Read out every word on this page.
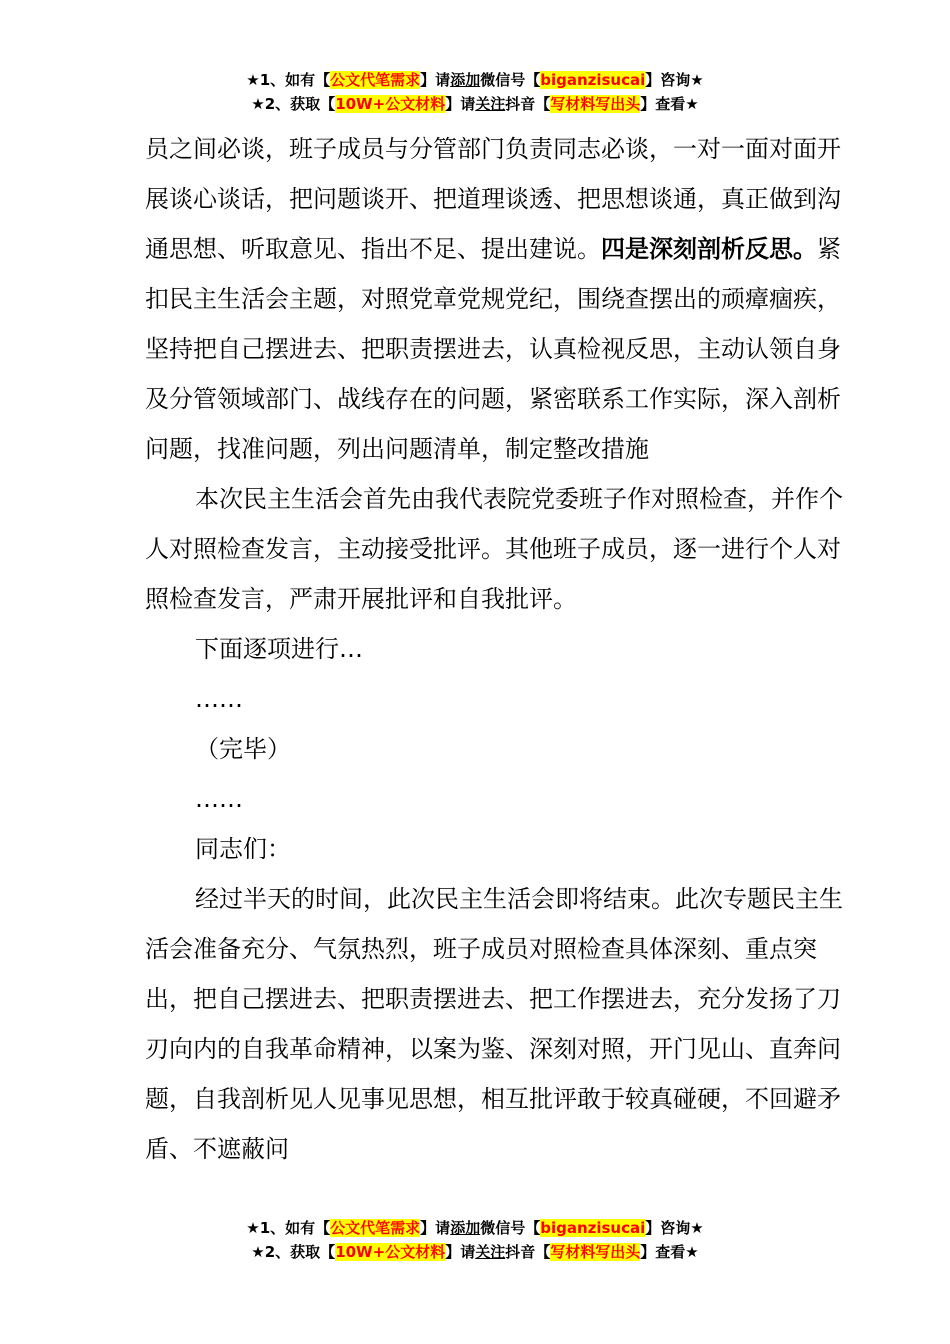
★1、如有【公文代笔需求】请添加微信号【biganzisucai】咨询★
★2、获取【10W+公文材料】请关注抖音【写材料写出头】查看★

员之间必谈，班子成员与分管部门负责同志必谈，一对一面对面开展谈心谈话，把问题谈开、把道理谈透、把思想谈通，真正做到沟通思想、听取意见、指出不足、提出建说。四是深刻剖析反思。紧扣民主生活会主题，对照党章党规党纪，围绕查摆出的顽瘴痼疾，坚持把自己摆进去、把职责摆进去，认真检视反思，主动认领自身及分管领域部门、战线存在的问题，紧密联系工作实际，深入剖析问题，找准问题，列出问题清单，制定整改措施

本次民主生活会首先由我代表院党委班子作对照检查，并作个人对照检查发言，主动接受批评。其他班子成员，逐一进行个人对照检查发言，严肃开展批评和自我批评。

下面逐项进行…

……

（完毕）

……

同志们：

经过半天的时间，此次民主生活会即将结束。此次专题民主生活会准备充分、气氛热烈，班子成员对照检查具体深刻、重点突出，把自己摆进去、把职责摆进去、把工作摆进去，充分发扬了刀刃向内的自我革命精神，以案为鉴、深刻对照，开门见山、直奔问题，自我剖析见人见事见思想，相互批评敢于较真碰硬，不回避矛盾、不遮蔽问

★1、如有【公文代笔需求】请添加微信号【biganzisucai】咨询★
★2、获取【10W+公文材料】请关注抖音【写材料写出头】查看★
